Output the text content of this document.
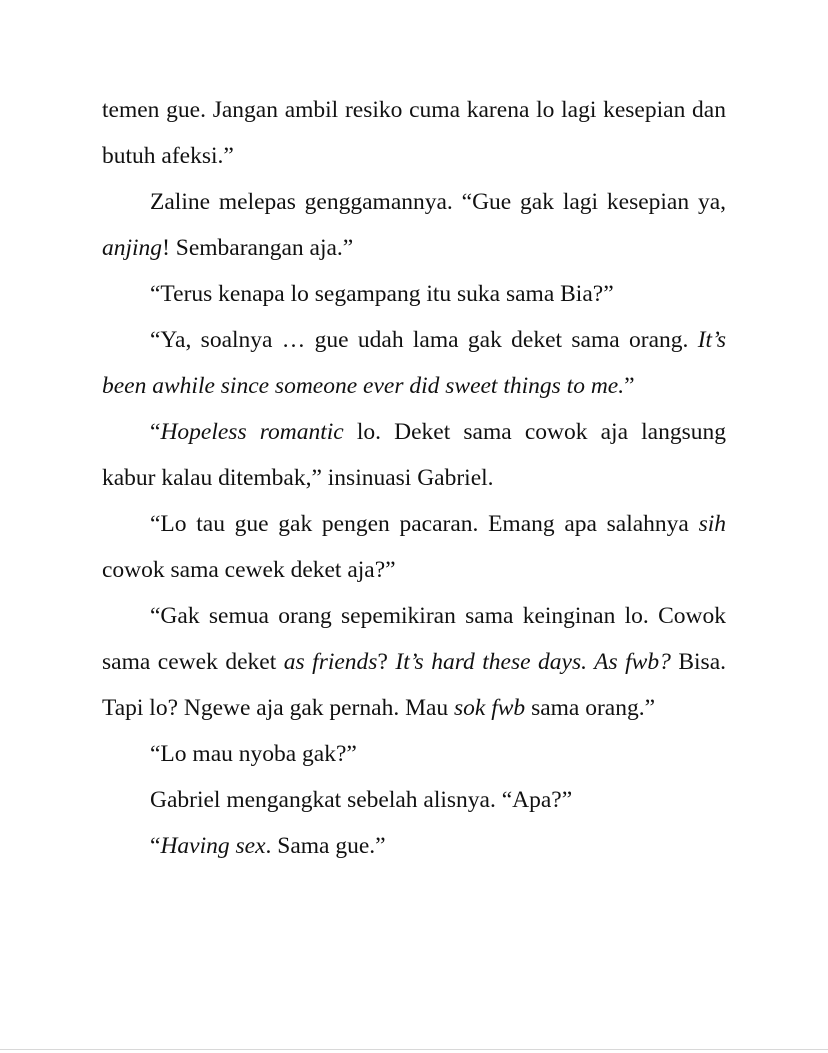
temen gue. Jangan ambil resiko cuma karena lo lagi kesepian dan butuh afeksi.”

Zaline melepas genggamannya. “Gue gak lagi kesepian ya, anjing! Sembarangan aja.”

“Terus kenapa lo segampang itu suka sama Bia?”

“Ya, soalnya … gue udah lama gak deket sama orang. It’s been awhile since someone ever did sweet things to me.”

“Hopeless romantic lo. Deket sama cowok aja langsung kabur kalau ditembak,” insinuasi Gabriel.

“Lo tau gue gak pengen pacaran. Emang apa salahnya sih cowok sama cewek deket aja?”

“Gak semua orang sepemikiran sama keinginan lo. Cowok sama cewek deket as friends? It’s hard these days. As fwb? Bisa. Tapi lo? Ngewe aja gak pernah. Mau sok fwb sama orang.”

“Lo mau nyoba gak?”

Gabriel mengangkat sebelah alisnya. “Apa?”

“Having sex. Sama gue.”
